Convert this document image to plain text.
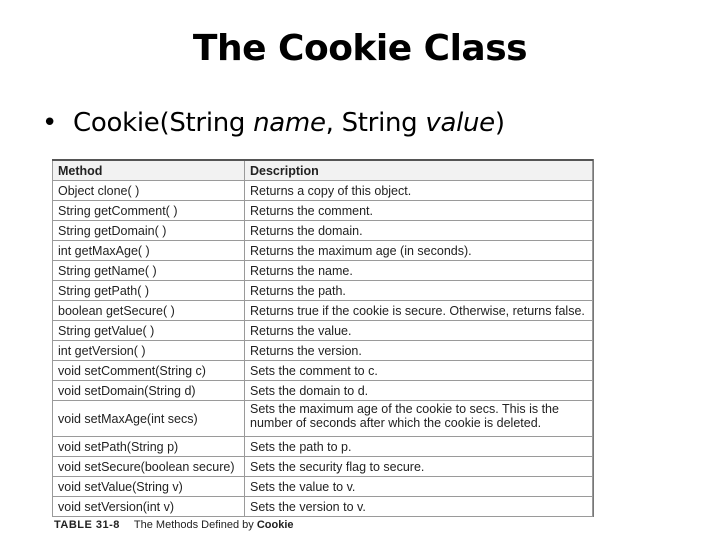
The Cookie Class
• Cookie(String name, String value)
Method	Description
Object clone( )	Returns a copy of this object.
String getComment( )	Returns the comment.
String getDomain( )	Returns the domain.
int getMaxAge( )	Returns the maximum age (in seconds).
String getName( )	Returns the name.
String getPath( )	Returns the path.
boolean getSecure( )	Returns true if the cookie is secure. Otherwise, returns false.
String getValue( )	Returns the value.
int getVersion( )	Returns the version.
void setComment(String c)	Sets the comment to c.
void setDomain(String d)	Sets the domain to d.
void setMaxAge(int secs)	Sets the maximum age of the cookie to secs. This is the number of seconds after which the cookie is deleted.
void setPath(String p)	Sets the path to p.
void setSecure(boolean secure)	Sets the security flag to secure.
void setValue(String v)	Sets the value to v.
void setVersion(int v)	Sets the version to v.
TABLE 31-8 The Methods Defined by Cookie
